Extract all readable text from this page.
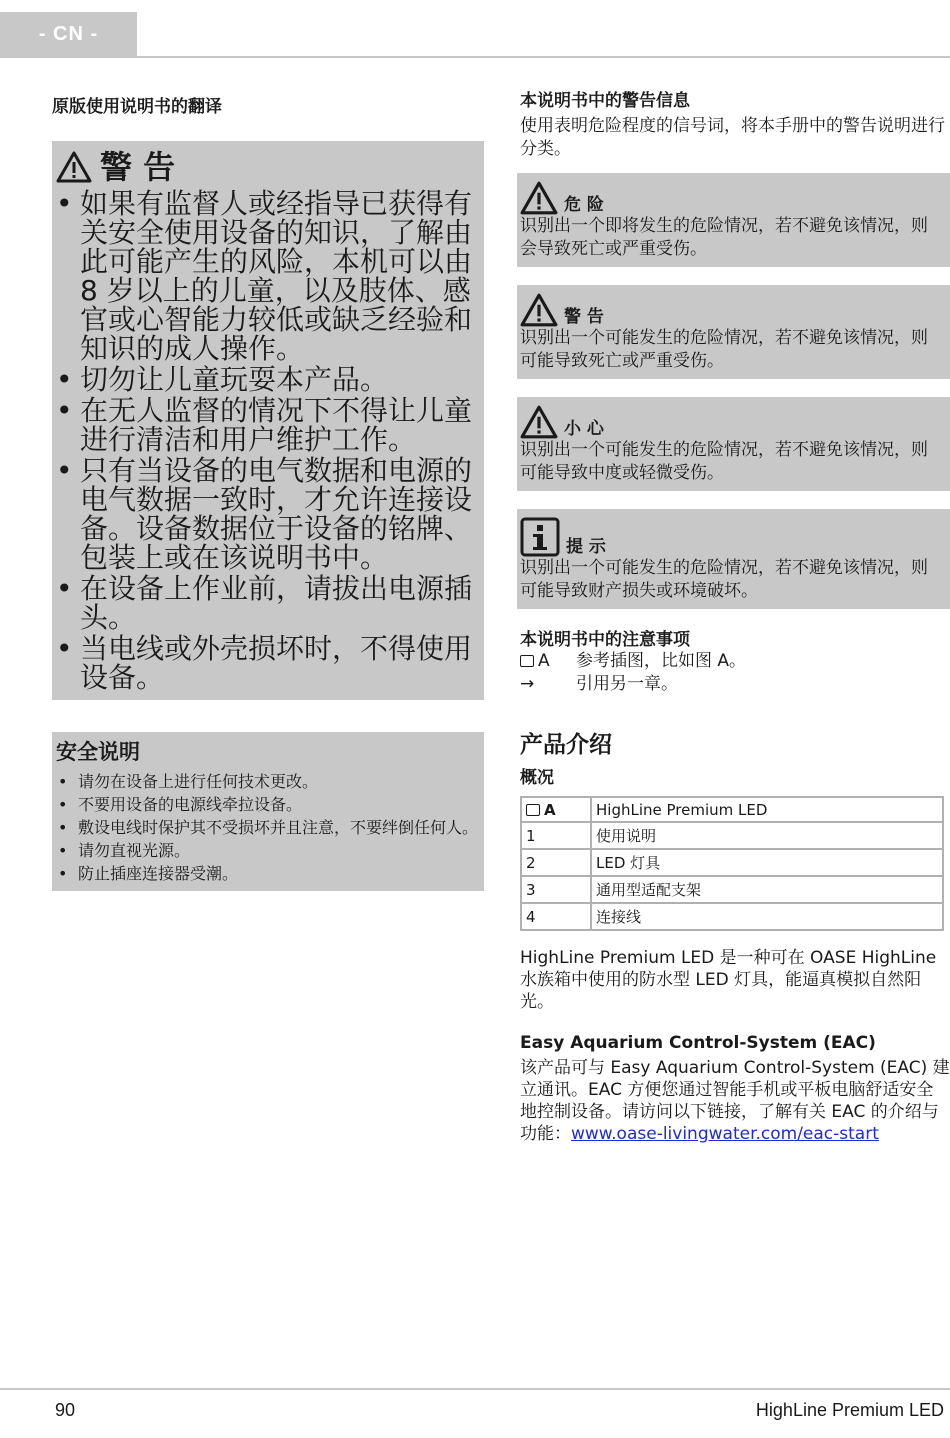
- CN -

原版使用说明书的翻译

警 告
• 如果有监督人或经指导已获得有关安全使用设备的知识，了解由此可能产生的风险，本机可以由 8 岁以上的儿童，以及肢体、感官或心智能力较低或缺乏经验和知识的成人操作。
• 切勿让儿童玩耍本产品。
• 在无人监督的情况下不得让儿童进行清洁和用户维护工作。
• 只有当设备的电气数据和电源的电气数据一致时，才允许连接设备。设备数据位于设备的铭牌、包装上或在该说明书中。
• 在设备上作业前，请拔出电源插头。
• 当电线或外壳损坏时，不得使用设备。
安全说明
• 请勿在设备上进行任何技术更改。
• 不要用设备的电源线牵拉设备。
• 敷设电线时保护其不受损坏并且注意，不要绊倒任何人。
• 请勿直视光源。
• 防止插座连接器受潮。

本说明书中的警告信息

使用表明危险程度的信号词，将本手册中的警告说明进行分类。

危 险
识别出一个即将发生的危险情况，若不避免该情况，则会导致死亡或严重受伤。
警 告
识别出一个可能发生的危险情况，若不避免该情况，则可能导致死亡或严重受伤。
小 心
识别出一个可能发生的危险情况，若不避免该情况，则可能导致中度或轻微受伤。
提 示
识别出一个可能发生的危险情况，若不避免该情况，则可能导致财产损失或环境破坏。

本说明书中的注意事项

A	参考插图，比如图 A。
→	引用另一章。
产品介绍

概况

A	HighLine Premium LED
1	使用说明
2	LED 灯具
3	通用型适配支架
4	连接线

HighLine Premium LED 是一种可在 OASE HighLine 水族箱中使用的防水型 LED 灯具，能逼真模拟自然阳光。

Easy Aquarium Control-System (EAC)

该产品可与 Easy Aquarium Control-System (EAC) 建立通讯。EAC 方便您通过智能手机或平板电脑舒适安全地控制设备。请访问以下链接，了解有关 EAC 的介绍与功能：www.oase-livingwater.com/eac-start

90	HighLine Premium LED
